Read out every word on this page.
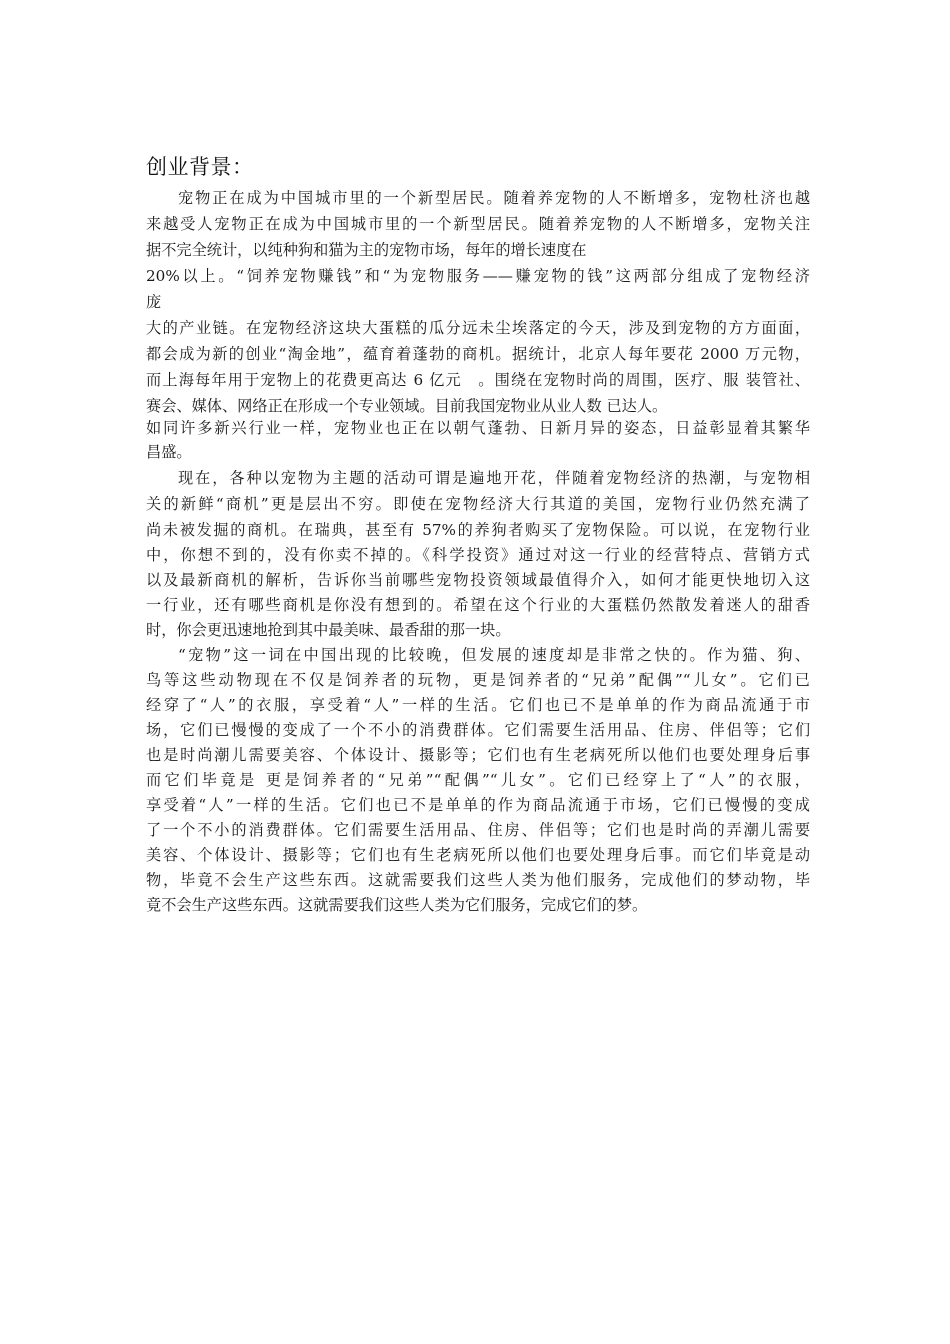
创业背景：
宠物正在成为中国城市里的一个新型居民。随着养宠物的人不断增多，宠物杜济也越
来越受人宠物正在成为中国城市里的一个新型居民。随着养宠物的人不断增多，宠物关注
据不完全统计，以纯种狗和猫为主的宠物市场，每年的增长速度在
20%以上。“饲养宠物赚钱”和“为宠物服务——赚宠物的钱”这两部分组成了宠物经济
庞
大的产业链。在宠物经济这块大蛋糕的瓜分远未尘埃落定的今天，涉及到宠物的方方面面，
都会成为新的创业“淘金地”，蕴育着蓬勃的商机。据统计，北京人每年要花 2000 万元物，
而上海每年用于宠物上的花费更高达 6 亿元　。围绕在宠物时尚的周围，医疗、服 装管社、
赛会、媒体、网络正在形成一个专业领域。目前我国宠物业从业人数 已达人。
如同许多新兴行业一样，宠物业也正在以朝气蓬勃、日新月异的姿态，日益彰显着其繁华
昌盛。
现在，各种以宠物为主题的活动可谓是遍地开花，伴随着宠物经济的热潮，与宠物相
关的新鲜“商机”更是层出不穷。即使在宠物经济大行其道的美国，宠物行业仍然充满了
尚未被发掘的商机。在瑞典，甚至有 57%的养狗者购买了宠物保险。可以说，在宠物行业
中，你想不到的，没有你卖不掉的。《科学投资》通过对这一行业的经营特点、营销方式
以及最新商机的解析，告诉你当前哪些宠物投资领域最值得介入，如何才能更快地切入这
一行业，还有哪些商机是你没有想到的。希望在这个行业的大蛋糕仍然散发着迷人的甜香
时，你会更迅速地抢到其中最美味、最香甜的那一块。
“宠物”这一词在中国出现的比较晚，但发展的速度却是非常之快的。作为猫、狗、
鸟等这些动物现在不仅是饲养者的玩物，更是饲养者的“兄弟”配偶”“儿女”。它们已
经穿了“人”的衣服，享受着“人”一样的生活。它们也已不是单单的作为商品流通于市
场，它们已慢慢的变成了一个不小的消费群体。它们需要生活用品、住房、伴侣等；它们
也是时尚潮儿需要美容、个体设计、摄影等；它们也有生老病死所以他们也要处理身后事
而它们毕竟是 更是饲养者的“兄弟”“配偶”“儿女”。它们已经穿上了“人”的衣服，
享受着“人”一样的生活。它们也已不是单单的作为商品流通于市场，它们已慢慢的变成
了一个不小的消费群体。它们需要生活用品、住房、伴侣等；它们也是时尚的弄潮儿需要
美容、个体设计、摄影等；它们也有生老病死所以他们也要处理身后事。而它们毕竟是动
物，毕竟不会生产这些东西。这就需要我们这些人类为他们服务，完成他们的梦动物，毕
竟不会生产这些东西。这就需要我们这些人类为它们服务，完成它们的梦。
